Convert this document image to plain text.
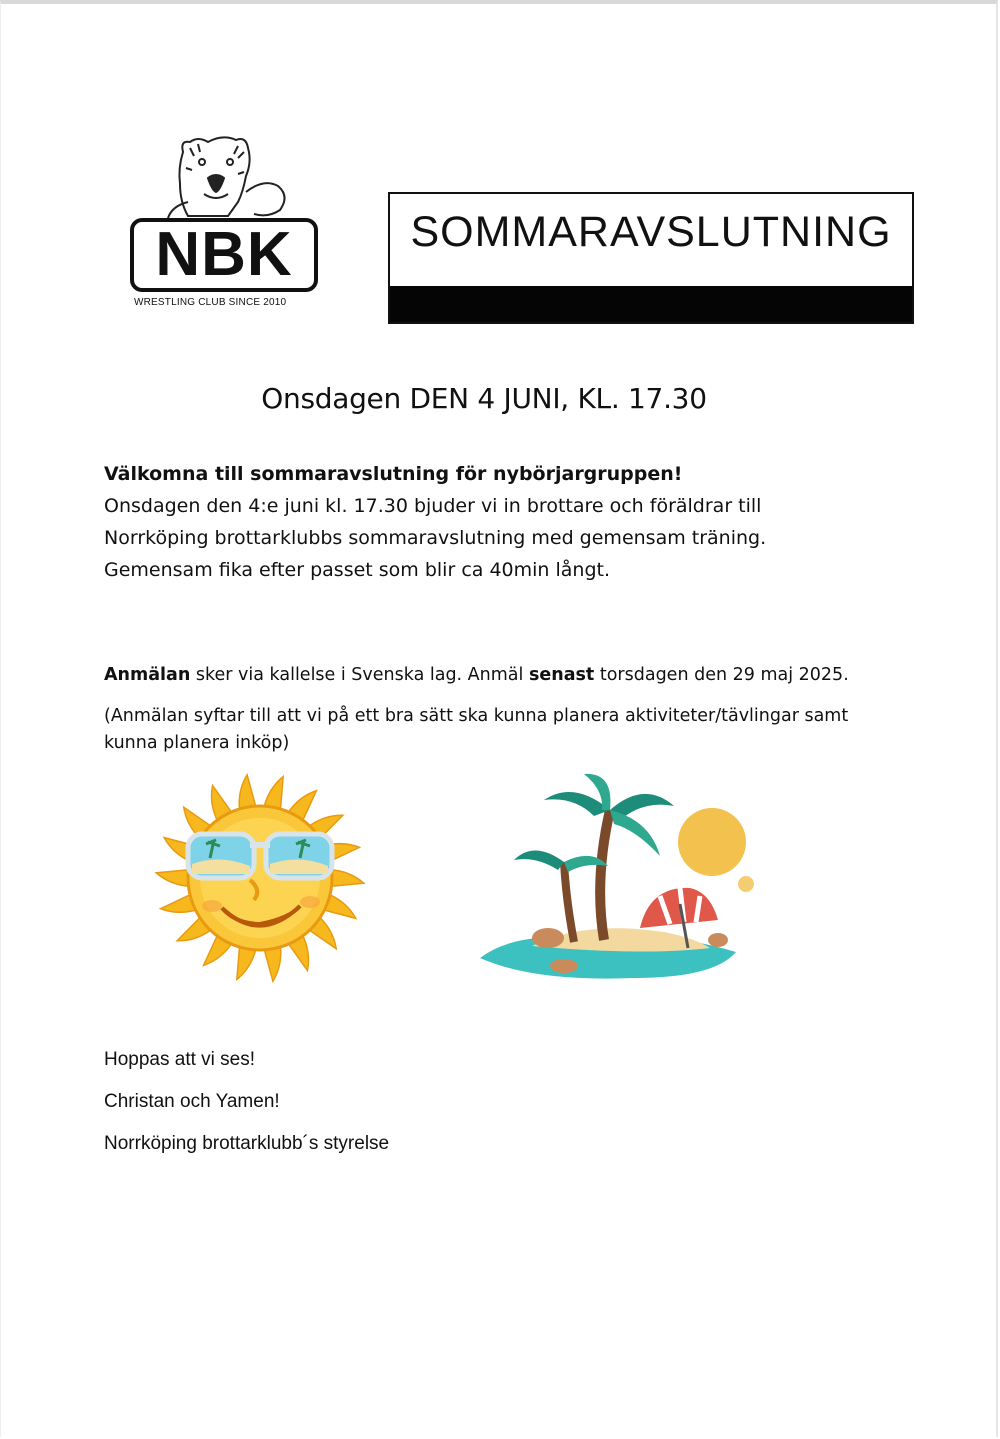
NBK
WRESTLING CLUB SINCE 2010
SOMMARAVSLUTNING
Onsdagen DEN 4 JUNI, KL. 17.30

Välkomna till sommaravslutning för nybörjargruppen!

Onsdagen den 4:e juni kl. 17.30 bjuder vi in brottare och föräldrar till

Norrköping brottarklubbs sommaravslutning med gemensam träning.

Gemensam fika efter passet som blir ca 40min långt.

Anmälan sker via kallelse i Svenska lag. Anmäl senast torsdagen den 29 maj 2025.
(Anmälan syftar till att vi på ett bra sätt ska kunna planera aktiviteter/tävlingar samt kunna planera inköp)

Hoppas att vi ses!

Christan och Yamen!

Norrköping brottarklubb´s styrelse
